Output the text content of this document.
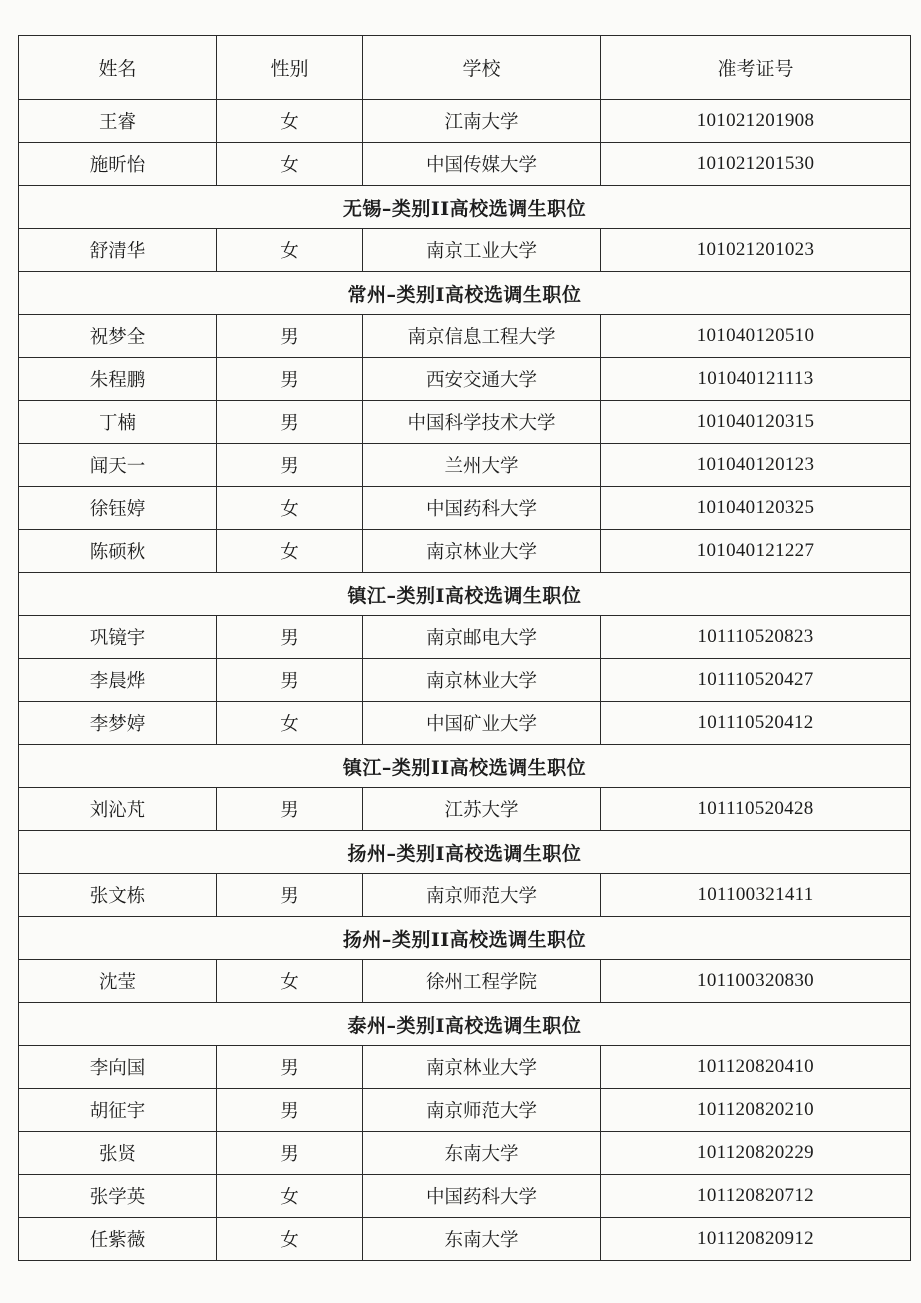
姓名	性别	学校	准考证号
王睿	女	江南大学	101021201908
施昕怡	女	中国传媒大学	101021201530
无锡–类别II高校选调生职位			
舒清华	女	南京工业大学	101021201023
常州–类别I高校选调生职位			
祝梦全	男	南京信息工程大学	101040120510
朱程鹏	男	西安交通大学	101040121113
丁楠	男	中国科学技术大学	101040120315
闻天一	男	兰州大学	101040120123
徐钰婷	女	中国药科大学	101040120325
陈硕秋	女	南京林业大学	101040121227
镇江–类别I高校选调生职位			
巩镜宇	男	南京邮电大学	101110520823
李晨烨	男	南京林业大学	101110520427
李梦婷	女	中国矿业大学	101110520412
镇江–类别II高校选调生职位			
刘沁芃	男	江苏大学	101110520428
扬州–类别I高校选调生职位			
张文栋	男	南京师范大学	101100321411
扬州–类别II高校选调生职位			
沈莹	女	徐州工程学院	101100320830
泰州–类别I高校选调生职位			
李向国	男	南京林业大学	101120820410
胡征宇	男	南京师范大学	101120820210
张贤	男	东南大学	101120820229
张学英	女	中国药科大学	101120820712
任紫薇	女	东南大学	101120820912
